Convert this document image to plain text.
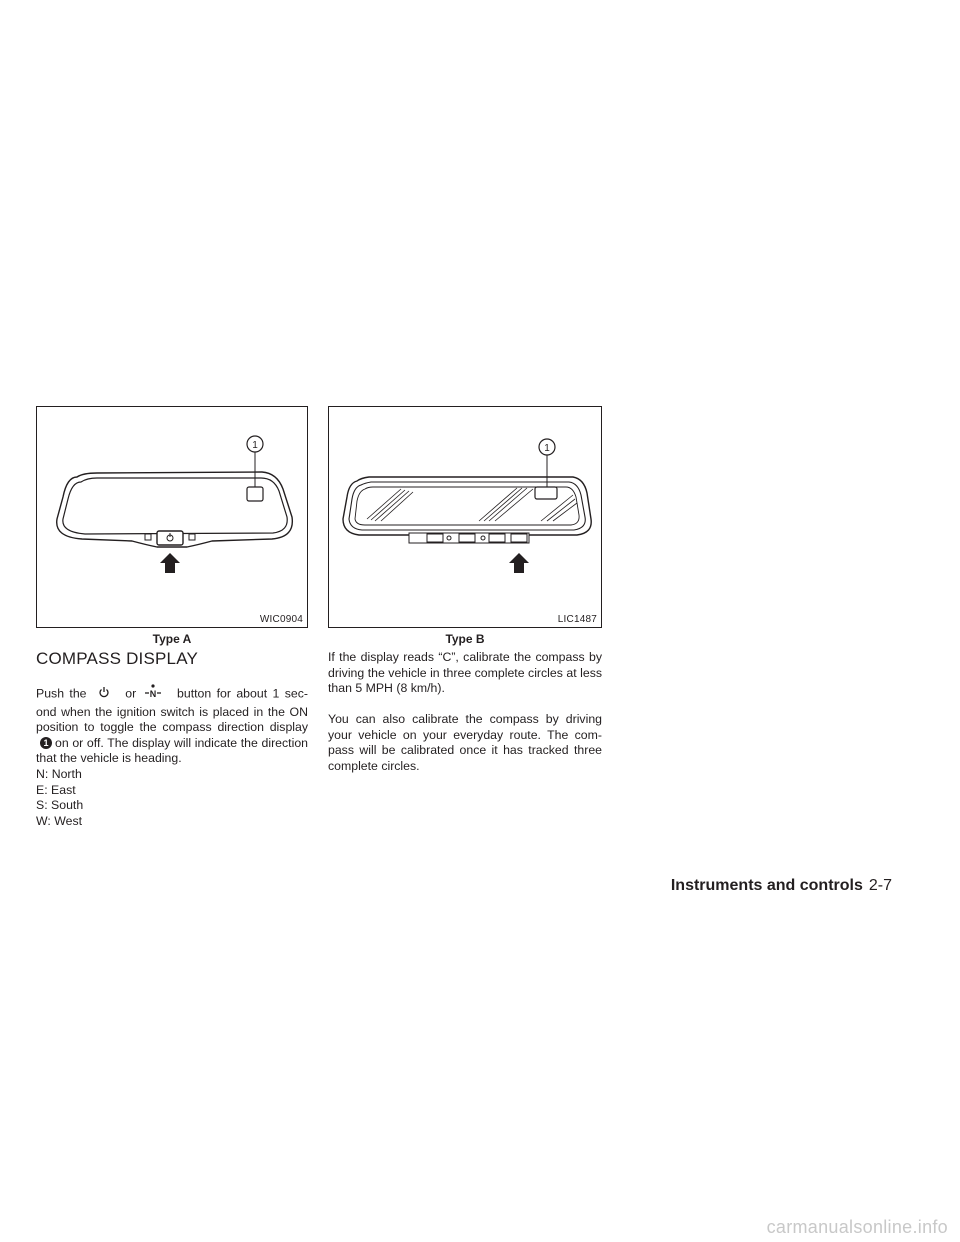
1
WIC0904
Type A
1
LIC1487
Type B
COMPASS DISPLAY

Push the	or N button for about 1 sec- ond when the ignition switch is placed in the ON position to toggle the compass direction display 1 on or off. The display will indicate the direction that the vehicle is heading.

N: North
E: East
S: South
W: West

If the display reads “C”, calibrate the compass by driving the vehicle in three complete circles at less than 5 MPH (8 km/h).

You can also calibrate the compass by driving your vehicle on your everyday route. The com- pass will be calibrated once it has tracked three complete circles.

Instruments and controls 2-7
carmanualsonline.info
